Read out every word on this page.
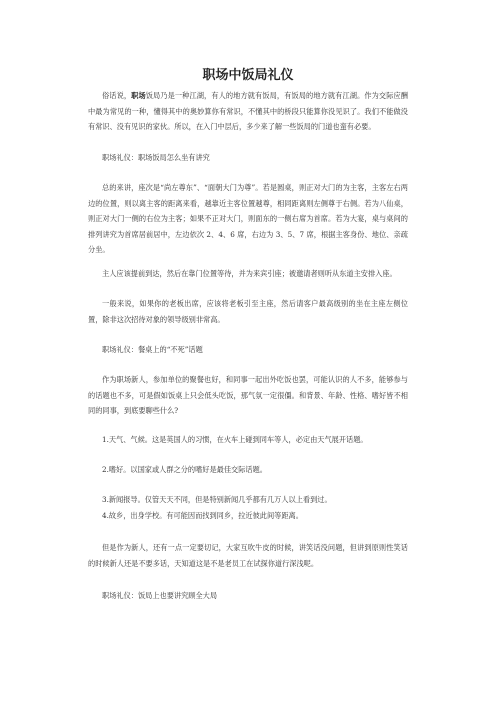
职场中饭局礼仪
俗话说，职场饭局乃是一种江湖，有人的地方就有饭局，有饭局的地方就有江湖。作为交际应酬中最为常见的一种，懂得其中的奥妙算你有常识，不懂其中的桥段只能算你没见识了。我们不能做没有常识、没有见识的家伙。所以，在入门中层后，多少来了解一些饭局的门道也蛮有必要。
职场礼仪：职场饭局怎么坐有讲究
总的来讲，座次是“尚左尊东”、“面朝大门为尊”。若是圆桌，则正对大门的为主客，主客左右两边的位置，则以离主客的距离来看，越靠近主客位置越尊，相同距离则左侧尊于右侧。若为八仙桌，则正对大门一侧的右位为主客；如果不正对大门，则面东的一侧右席为首席。若为大宴，桌与桌间的排列讲究为首席居前居中，左边依次 2、4、6 席，右边为 3、5、7 席，根据主客身份、地位、亲疏分坐。
主人应该提前到达，然后在靠门位置等待，并为来宾引座；被邀请者则听从东道主安排入座。
一般来说，如果你的老板出席，应该将老板引至主座，然后请客户最高级别的坐在主座左侧位置，除非这次招待对象的领导级别非常高。
职场礼仪：餐桌上的“不死”话题
作为职场新人，参加单位的聚餐也好，和同事一起出外吃饭也罢，可能认识的人不多，能够参与的话题也不多，可是假如饭桌上只会低头吃饭，那气氛一定很僵。和背景、年龄、性格、嗜好皆不相同的同事，到底要聊些什么?
1.天气、气候。这是英国人的习惯，在火车上碰到同车等人，必定由天气展开话题。
2.嗜好。以国家或人群之分的嗜好是最佳交际话题。
3.新闻报导。仅管天天不同，但是特别新闻几乎都有几万人以上看到过。
4.故乡，出身学校。有可能因而找到同乡，拉近彼此间等距离。
但是作为新人，还有一点一定要切记，大家互吹牛皮的时候，讲笑话没问题，但讲到原则性笑话的时候新人还是不要多话，天知道这是不是老员工在试探你道行深浅呢。
职场礼仪：饭局上也要讲究顾全大局
